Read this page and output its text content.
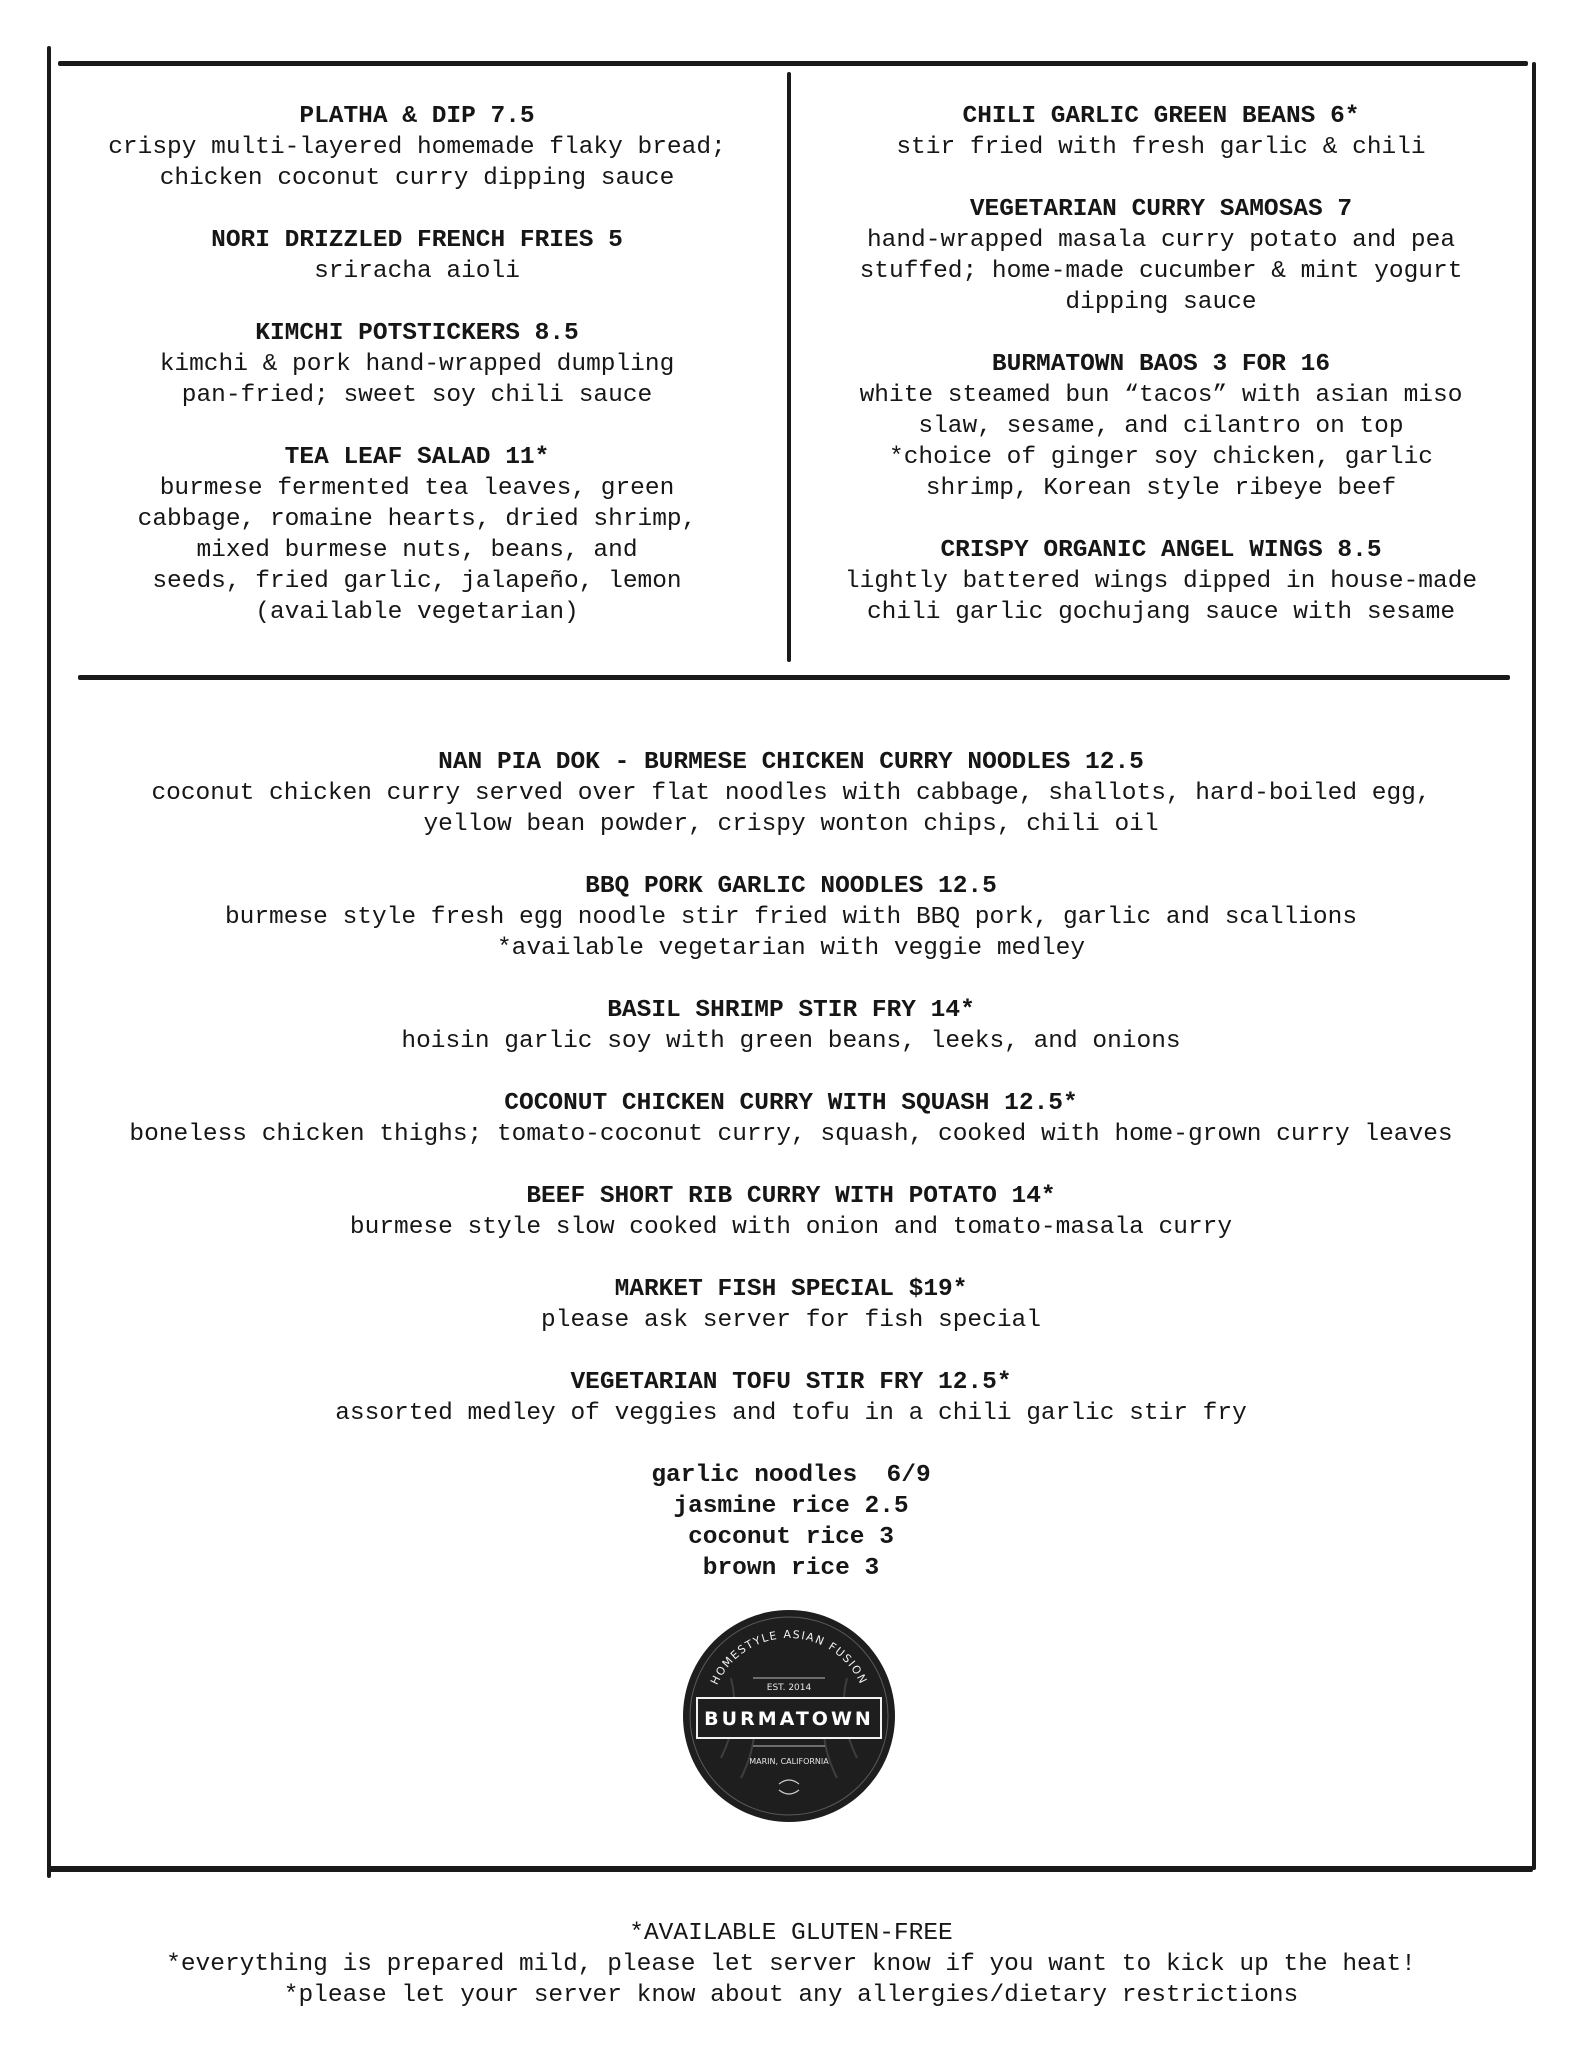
PLATHA & DIP 7.5
crispy multi-layered homemade flaky bread;
chicken coconut curry dipping sauce
NORI DRIZZLED FRENCH FRIES 5
sriracha aioli
KIMCHI POTSTICKERS 8.5
kimchi & pork hand-wrapped dumpling
pan-fried; sweet soy chili sauce
TEA LEAF SALAD 11*
burmese fermented tea leaves, green
cabbage, romaine hearts, dried shrimp,
mixed burmese nuts, beans, and
seeds, fried garlic, jalapeño, lemon
(available vegetarian)
CHILI GARLIC GREEN BEANS 6*
stir fried with fresh garlic & chili
VEGETARIAN CURRY SAMOSAS 7
hand-wrapped masala curry potato and pea
stuffed; home-made cucumber & mint yogurt
dipping sauce
BURMATOWN BAOS 3 FOR 16
white steamed bun “tacos” with asian miso
slaw, sesame, and cilantro on top
*choice of ginger soy chicken, garlic
shrimp, Korean style ribeye beef
CRISPY ORGANIC ANGEL WINGS 8.5
lightly battered wings dipped in house-made
chili garlic gochujang sauce with sesame
NAN PIA DOK - BURMESE CHICKEN CURRY NOODLES 12.5
coconut chicken curry served over flat noodles with cabbage, shallots, hard-boiled egg,
yellow bean powder, crispy wonton chips, chili oil
BBQ PORK GARLIC NOODLES 12.5
burmese style fresh egg noodle stir fried with BBQ pork, garlic and scallions
*available vegetarian with veggie medley
BASIL SHRIMP STIR FRY 14*
hoisin garlic soy with green beans, leeks, and onions
COCONUT CHICKEN CURRY WITH SQUASH 12.5*
boneless chicken thighs; tomato-coconut curry, squash, cooked with home-grown curry leaves
BEEF SHORT RIB CURRY WITH POTATO 14*
burmese style slow cooked with onion and tomato-masala curry
MARKET FISH SPECIAL $19*
please ask server for fish special
VEGETARIAN TOFU STIR FRY 12.5*
assorted medley of veggies and tofu in a chili garlic stir fry
garlic noodles  6/9
jasmine rice 2.5
coconut rice 3
brown rice 3
HOMESTYLE ASIAN FUSION
EST. 2014
BURMATOWN
MARIN, CALIFORNIA
*AVAILABLE GLUTEN-FREE
*everything is prepared mild, please let server know if you want to kick up the heat!
*please let your server know about any allergies/dietary restrictions
